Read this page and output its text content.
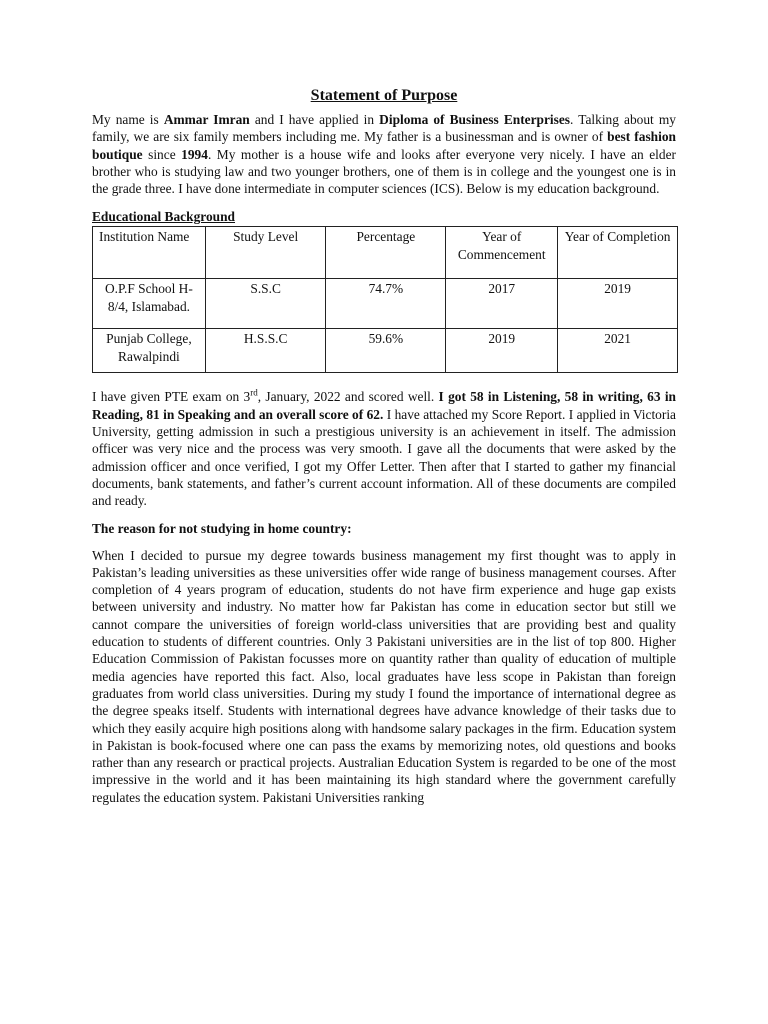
Statement of Purpose

My name is Ammar Imran and I have applied in Diploma of Business Enterprises. Talking about my family, we are six family members including me. My father is a businessman and is owner of best fashion boutique since 1994. My mother is a house wife and looks after everyone very nicely. I have an elder brother who is studying law and two younger brothers, one of them is in college and the youngest one is in the grade three. I have done intermediate in computer sciences (ICS). Below is my education background.

Educational Background
Institution Name	Study Level	Percentage	Year of Commencement	Year of Completion
O.P.F School H-8/4, Islamabad.	S.S.C	74.7%	2017	2019
Punjab College, Rawalpindi	H.S.S.C	59.6%	2019	2021

I have given PTE exam on 3rd, January, 2022 and scored well. I got 58 in Listening, 58 in writing, 63 in Reading, 81 in Speaking and an overall score of 62. I have attached my Score Report. I applied in Victoria University, getting admission in such a prestigious university is an achievement in itself. The admission officer was very nice and the process was very smooth. I gave all the documents that were asked by the admission officer and once verified, I got my Offer Letter. Then after that I started to gather my financial documents, bank statements, and father’s current account information. All of these documents are compiled and ready.

The reason for not studying in home country:

When I decided to pursue my degree towards business management my first thought was to apply in Pakistan’s leading universities as these universities offer wide range of business management courses. After completion of 4 years program of education, students do not have firm experience and huge gap exists between university and industry. No matter how far Pakistan has come in education sector but still we cannot compare the universities of foreign world-class universities that are providing best and quality education to students of different countries. Only 3 Pakistani universities are in the list of top 800. Higher Education Commission of Pakistan focusses more on quantity rather than quality of education of multiple media agencies have reported this fact. Also, local graduates have less scope in Pakistan than foreign graduates from world class universities. During my study I found the importance of international degree as the degree speaks itself. Students with international degrees have advance knowledge of their tasks due to which they easily acquire high positions along with handsome salary packages in the firm. Education system in Pakistan is book-focused where one can pass the exams by memorizing notes, old questions and books rather than any research or practical projects. Australian Education System is regarded to be one of the most impressive in the world and it has been maintaining its high standard where the government carefully regulates the education system. Pakistani Universities ranking
